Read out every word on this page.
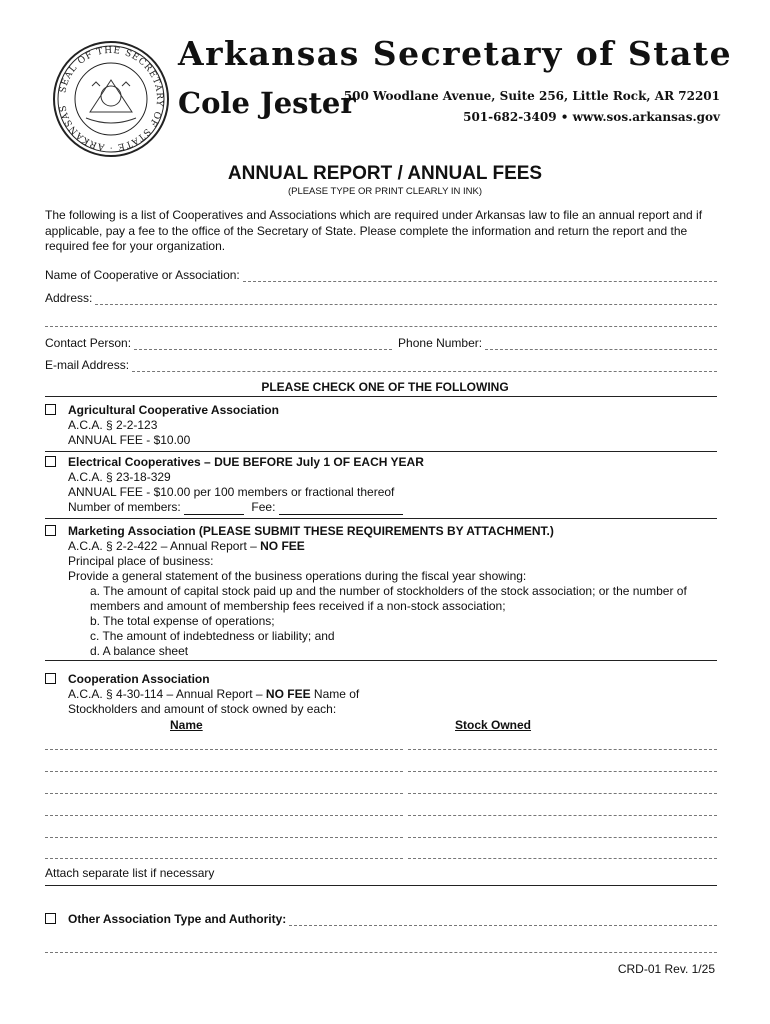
SEAL OF THE SECRETARY OF STATE · ARKANSAS
Arkansas Secretary of State
Cole Jester
500 Woodlane Avenue, Suite 256, Little Rock, AR 72201
501-682-3409 • www.sos.arkansas.gov
ANNUAL REPORT / ANNUAL FEES
(PLEASE TYPE OR PRINT CLEARLY IN INK)
The following is a list of Cooperatives and Associations which are required under Arkansas law to file an annual report and if applicable, pay a fee to the office of the Secretary of State. Please complete the information and return the report and the required fee for your organization.
Name of Cooperative or Association:
Address:
Contact Person:	Phone Number:
E-mail Address:
PLEASE CHECK ONE OF THE FOLLOWING
Agricultural Cooperative Association
A.C.A. § 2-2-123
ANNUAL FEE - $10.00
Electrical Cooperatives – DUE BEFORE July 1 OF EACH YEAR
A.C.A. § 23-18-329
ANNUAL FEE - $10.00 per 100 members or fractional thereof
Number of members:	Fee:
Marketing Association (PLEASE SUBMIT THESE REQUIREMENTS BY ATTACHMENT.)
A.C.A. § 2-2-422 – Annual Report – NO FEE
Principal place of business:
Provide a general statement of the business operations during the fiscal year showing:
a. The amount of capital stock paid up and the number of stockholders of the stock association; or the number of
members and amount of membership fees received if a non-stock association;
b. The total expense of operations;
c. The amount of indebtedness or liability; and
d. A balance sheet
Cooperation Association
A.C.A. § 4-30-114 – Annual Report – NO FEE Name of
Stockholders and amount of stock owned by each:
Name	Stock Owned
Attach separate list if necessary
Other Association Type and Authority:
CRD-01 Rev. 1/25
